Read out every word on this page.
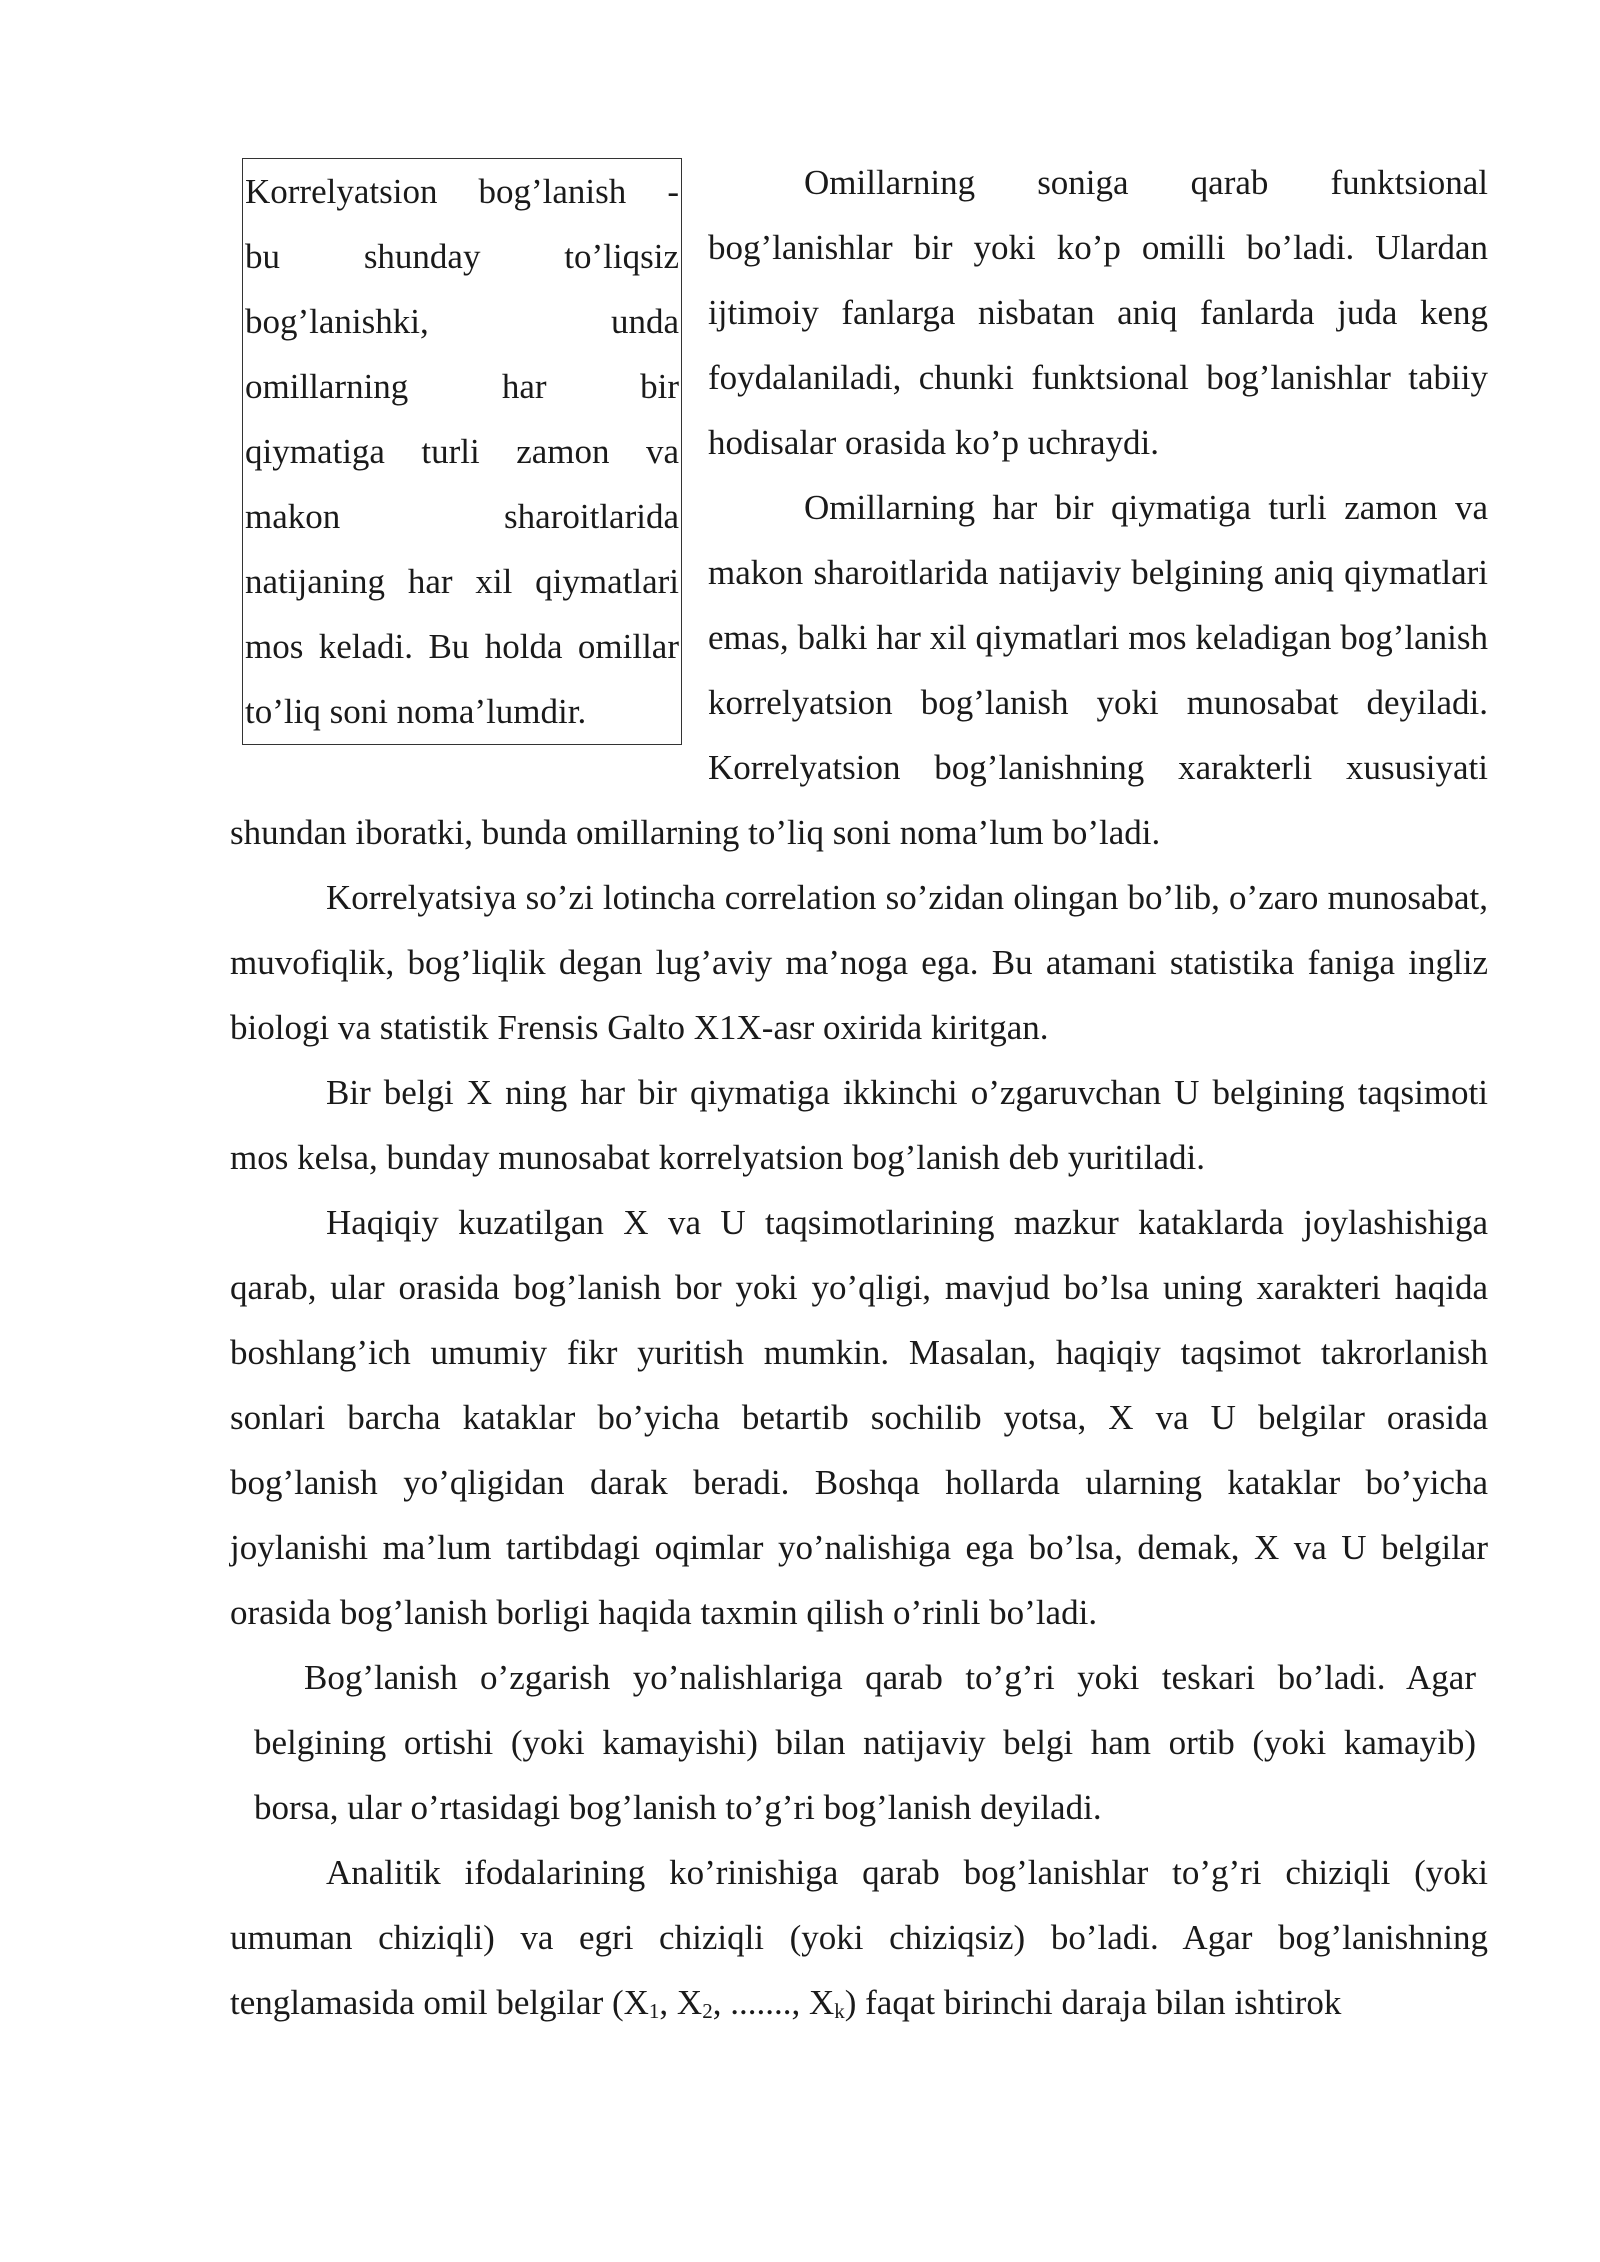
Korrelyatsion bog’lanish -
bu shunday to’liqsiz
bog’lanishki, unda
omillarning har bir
qiymatiga turli zamon va
makon sharoitlarida
natijaning har xil qiymatlari
mos keladi. Bu holda omillar
to’liq soni noma’lumdir.

Omillarning soniga qarab funktsional bog’lanishlar bir yoki ko’p omilli bo’ladi. Ulardan ijtimoiy fanlarga nisbatan aniq fanlarda juda keng foydalaniladi, chunki funktsional bog’lanishlar tabiiy hodisalar orasida ko’p uchraydi.

Omillarning har bir qiymatiga turli zamon va makon sharoitlarida natijaviy belgining aniq qiymatlari emas, balki har xil qiymatlari mos keladigan bog’lanish korrelyatsion bog’lanish yoki munosabat deyiladi. Korrelyatsion bog’lanishning xarakterli xususiyati shundan iboratki, bunda omillarning to’liq soni noma’lum bo’ladi.

Korrelyatsiya so’zi lotincha correlation so’zidan olingan bo’lib, o’zaro munosabat, muvofiqlik, bog’liqlik degan lug’aviy ma’noga ega. Bu atamani statistika faniga ingliz biologi va statistik Frensis Galto X1X-asr oxirida kiritgan.

Bir belgi X ning har bir qiymatiga ikkinchi o’zgaruvchan U belgining taqsimoti mos kelsa, bunday munosabat korrelyatsion bog’lanish deb yuritiladi.

Haqiqiy kuzatilgan X va U taqsimotlarining mazkur kataklarda joylashishiga qarab, ular orasida bog’lanish bor yoki yo’qligi, mavjud bo’lsa uning xarakteri haqida boshlang’ich umumiy fikr yuritish mumkin. Masalan, haqiqiy taqsimot takrorlanish sonlari barcha kataklar bo’yicha betartib sochilib yotsa, X va U belgilar orasida bog’lanish yo’qligidan darak beradi. Boshqa hollarda ularning kataklar bo’yicha joylanishi ma’lum tartibdagi oqimlar yo’nalishiga ega bo’lsa, demak, X va U belgilar orasida bog’lanish borligi haqida taxmin qilish o’rinli bo’ladi.

Bog’lanish o’zgarish yo’nalishlariga qarab to’g’ri yoki teskari bo’ladi. Agar belgining ortishi (yoki kamayishi) bilan natijaviy belgi ham ortib (yoki kamayib) borsa, ular o’rtasidagi bog’lanish to’g’ri bog’lanish deyiladi.

Analitik ifodalarining ko’rinishiga qarab bog’lanishlar to’g’ri chiziqli (yoki umuman chiziqli) va egri chiziqli (yoki chiziqsiz) bo’ladi. Agar bog’lanishning tenglamasida omil belgilar ($X_1$, $X_2$, ......., $X_k$) faqat birinchi daraja bilan ishtirok
